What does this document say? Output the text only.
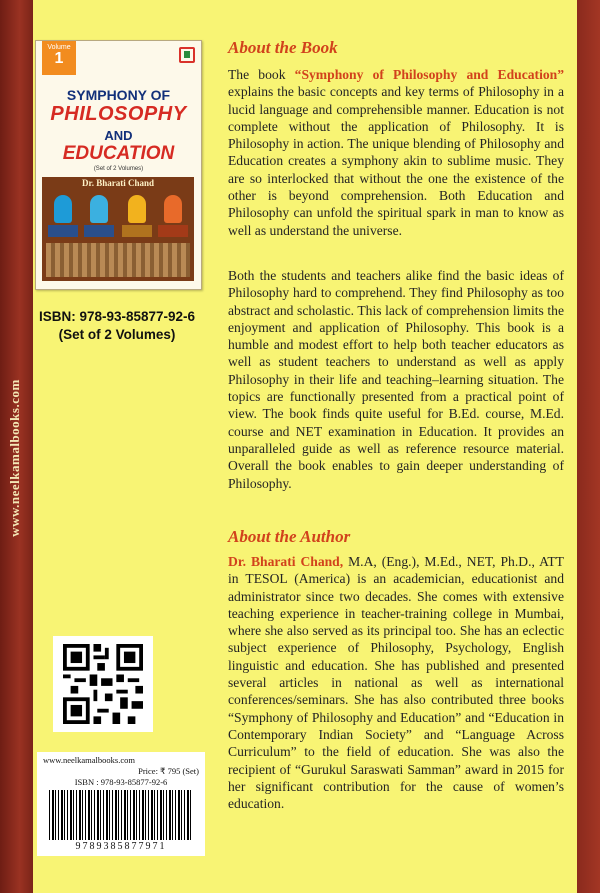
www.neelkamalbooks.com
Volume
1
SYMPHONY OF
PHILOSOPHY
AND
EDUCATION
(Set of 2 Volumes)
Dr. Bharati Chand
ISBN: 978-93-85877-92-6
(Set of 2 Volumes)
About the Book
The book “Symphony of Philosophy and Education” explains the basic concepts and key terms of Philosophy in a lucid language and comprehensible manner. Education is not complete without the application of Philosophy. It is Philosophy in action. The unique blending of Philosophy and Education creates a symphony akin to sublime music. They are so interlocked that without the one the existence of the other is beyond comprehension. Both Education and Philosophy can unfold the spiritual spark in man to know as well as understand the universe.
Both the students and teachers alike find the basic ideas of Philosophy hard to comprehend. They find Philosophy as too abstract and scholastic. This lack of comprehension limits the enjoyment and application of Philosophy. This book is a humble and modest effort to help both teacher educators as well as student teachers to understand as well as apply Philosophy in their life and teaching–learning situation. The topics are functionally presented from a practical point of view. The book finds quite useful for B.Ed. course, M.Ed. course and NET examination in Education. It provides an unparalleled guide as well as reference resource material. Overall the book enables to gain deeper understanding of Philosophy.
About the Author
Dr. Bharati Chand, M.A, (Eng.), M.Ed., NET, Ph.D., ATT in TESOL (America) is an academician, educationist and administrator since two decades. She comes with extensive teaching experience in teacher-training college in Mumbai, where she also served as its principal too. She has an eclectic subject experience of Philosophy, Psychology, English linguistic and education. She has published and presented several articles in national as well as international conferences/seminars. She has also contributed three books “Symphony of Philosophy and Education” and “Education in Contemporary Indian Society” and “Language Across Curriculum” to the field of education. She was also the recipient of “Gurukul Saraswati Samman” award in 2015 for her significant contribution for the cause of women’s education.
www.neelkamalbooks.com
Price: ₹ 795 (Set)
ISBN : 978-93-85877-92-6
9789385877971
